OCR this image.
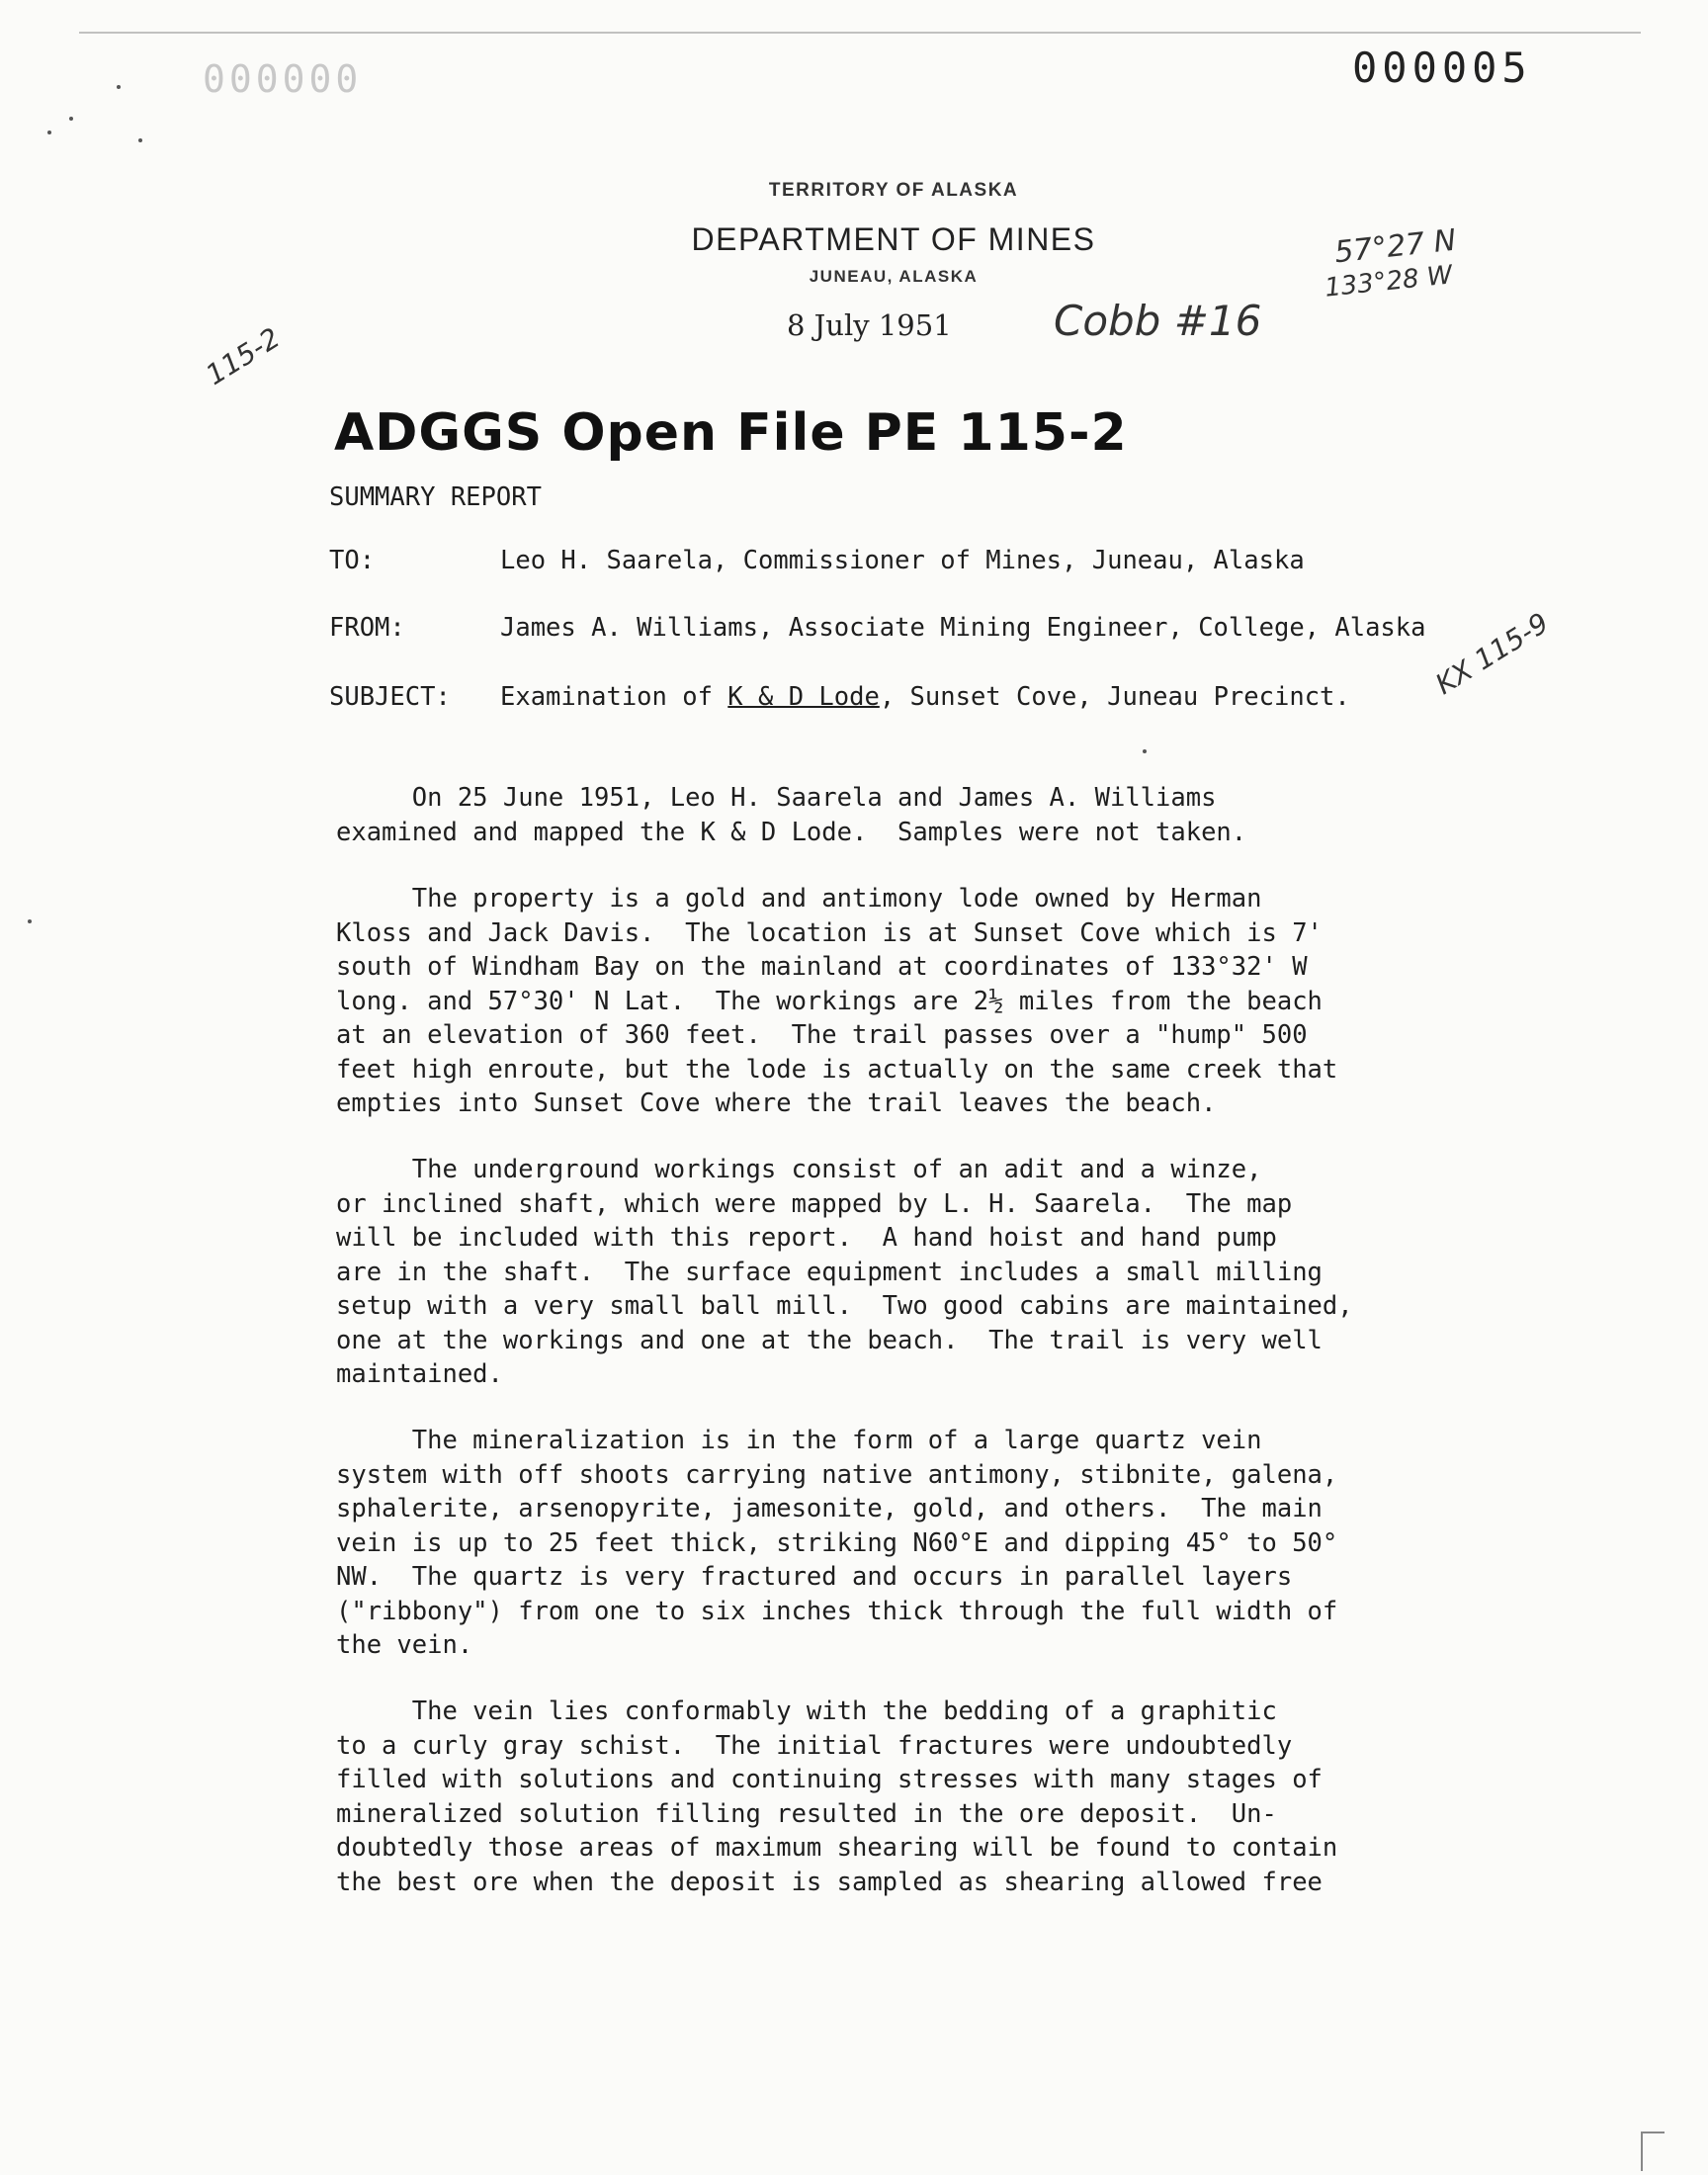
000000	000005
TERRITORY OF ALASKA
DEPARTMENT OF MINES
JUNEAU, ALASKA
8 July 1951 Cobb #16
57°27 N
133°28 W
115-2
ADGGS Open File PE 115-2
SUMMARY REPORT
TO:	Leo H. Saarela, Commissioner of Mines, Juneau, Alaska
FROM:	James A. Williams, Associate Mining Engineer, College, Alaska
SUBJECT: Examination of K & D Lode, Sunset Cove, Juneau Precinct.	KX 115-9
On 25 June 1951, Leo H. Saarela and James A. Williams
examined and mapped the K & D Lode.  Samples were not taken.
The property is a gold and antimony lode owned by Herman
Kloss and Jack Davis.  The location is at Sunset Cove which is 7'
south of Windham Bay on the mainland at coordinates of 133°32' W
long. and 57°30' N Lat.  The workings are 2½ miles from the beach
at an elevation of 360 feet.  The trail passes over a "hump" 500
feet high enroute, but the lode is actually on the same creek that
empties into Sunset Cove where the trail leaves the beach.
The underground workings consist of an adit and a winze,
or inclined shaft, which were mapped by L. H. Saarela.  The map
will be included with this report.  A hand hoist and hand pump
are in the shaft.  The surface equipment includes a small milling
setup with a very small ball mill.  Two good cabins are maintained,
one at the workings and one at the beach.  The trail is very well
maintained.
The mineralization is in the form of a large quartz vein
system with off shoots carrying native antimony, stibnite, galena,
sphalerite, arsenopyrite, jamesonite, gold, and others.  The main
vein is up to 25 feet thick, striking N60°E and dipping 45° to 50°
NW.  The quartz is very fractured and occurs in parallel layers
("ribbony") from one to six inches thick through the full width of
the vein.
The vein lies conformably with the bedding of a graphitic
to a curly gray schist.  The initial fractures were undoubtedly
filled with solutions and continuing stresses with many stages of
mineralized solution filling resulted in the ore deposit.  Un-
doubtedly those areas of maximum shearing will be found to contain
the best ore when the deposit is sampled as shearing allowed free
